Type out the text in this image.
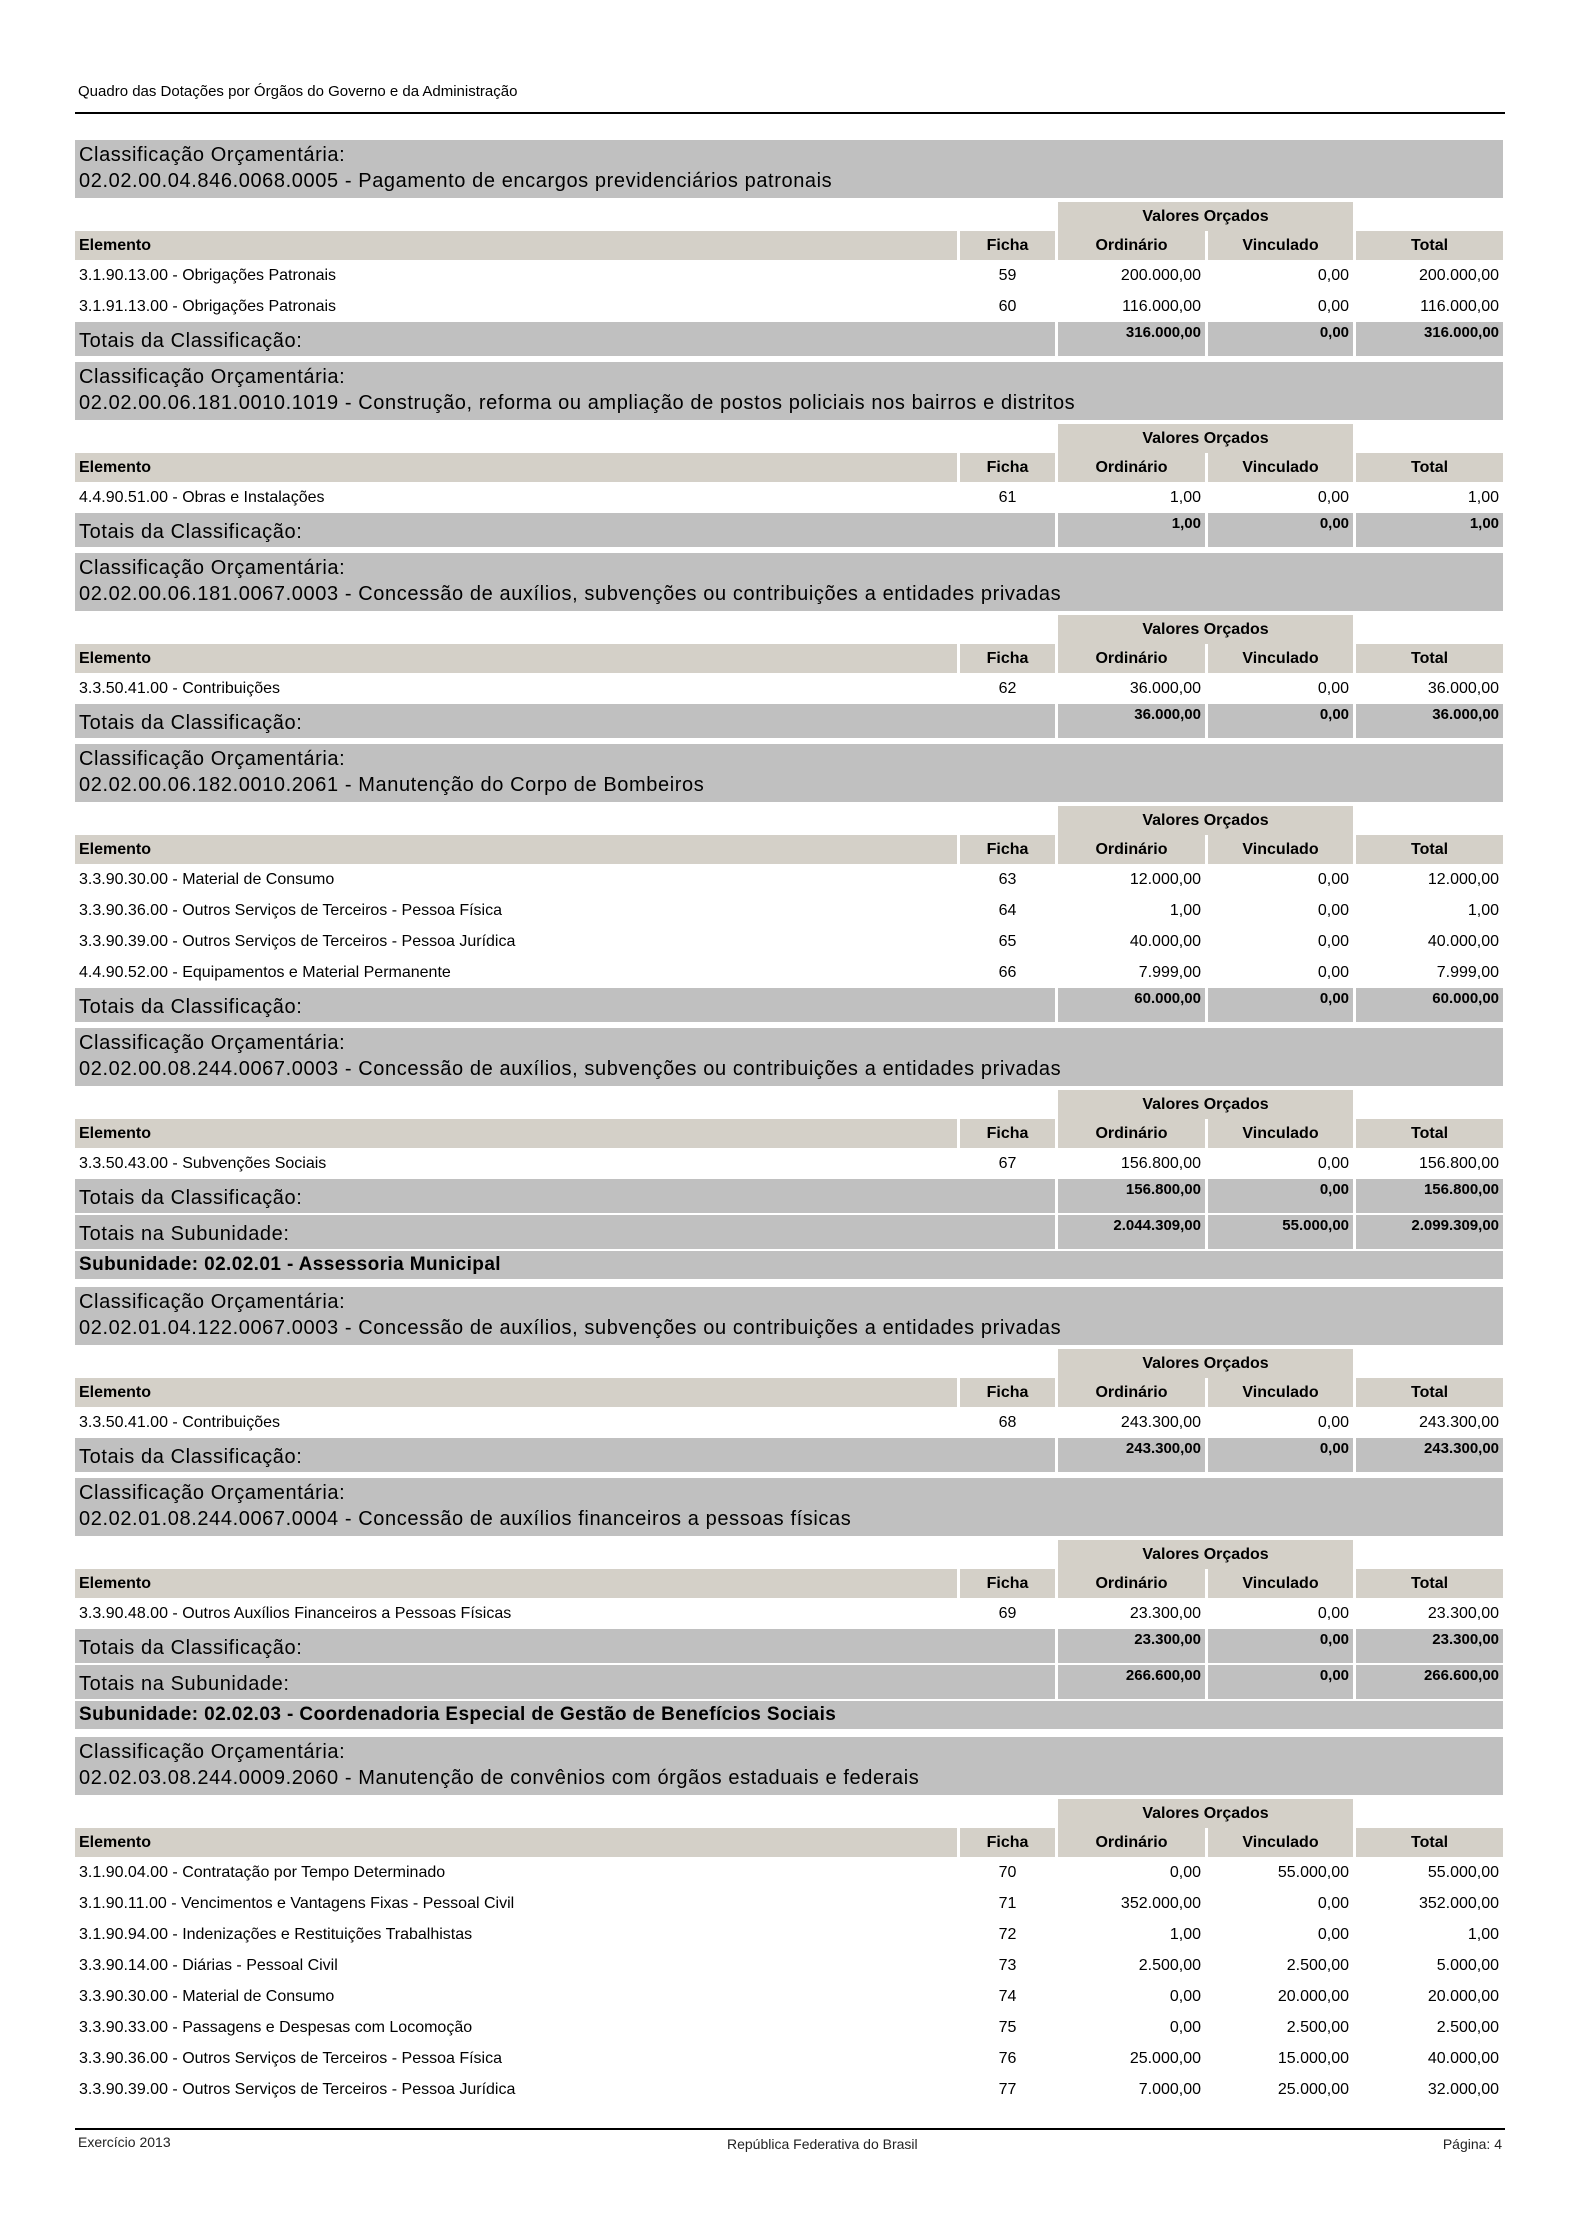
Quadro das Dotações por Órgãos do Governo e da Administração
Classificação Orçamentária:
02.02.00.04.846.0068.0005 - Pagamento de encargos previdenciários patronais
		Valores Orçados		
Elemento	Ficha	Ordinário	Vinculado	Total
3.1.90.13.00 - Obrigações Patronais	59	200.000,00	0,00	200.000,00
3.1.91.13.00 - Obrigações Patronais	60	116.000,00	0,00	116.000,00
Totais da Classificação:		316.000,00	0,00	316.000,00
Classificação Orçamentária:
02.02.00.06.181.0010.1019 - Construção, reforma ou ampliação de postos policiais nos bairros e distritos
		Valores Orçados		
Elemento	Ficha	Ordinário	Vinculado	Total
4.4.90.51.00 - Obras e Instalações	61	1,00	0,00	1,00
Totais da Classificação:		1,00	0,00	1,00
Classificação Orçamentária:
02.02.00.06.181.0067.0003 - Concessão de auxílios, subvenções ou contribuições a entidades privadas
		Valores Orçados		
Elemento	Ficha	Ordinário	Vinculado	Total
3.3.50.41.00 - Contribuições	62	36.000,00	0,00	36.000,00
Totais da Classificação:		36.000,00	0,00	36.000,00
Classificação Orçamentária:
02.02.00.06.182.0010.2061 - Manutenção do Corpo de Bombeiros
		Valores Orçados		
Elemento	Ficha	Ordinário	Vinculado	Total
3.3.90.30.00 - Material de Consumo	63	12.000,00	0,00	12.000,00
3.3.90.36.00 - Outros Serviços de Terceiros - Pessoa Física	64	1,00	0,00	1,00
3.3.90.39.00 - Outros Serviços de Terceiros - Pessoa Jurídica	65	40.000,00	0,00	40.000,00
4.4.90.52.00 - Equipamentos e Material Permanente	66	7.999,00	0,00	7.999,00
Totais da Classificação:		60.000,00	0,00	60.000,00
Classificação Orçamentária:
02.02.00.08.244.0067.0003 - Concessão de auxílios, subvenções ou contribuições a entidades privadas
		Valores Orçados		
Elemento	Ficha	Ordinário	Vinculado	Total
3.3.50.43.00 - Subvenções Sociais	67	156.800,00	0,00	156.800,00
Totais da Classificação:		156.800,00	0,00	156.800,00
Totais na Subunidade:		2.044.309,00	55.000,00	2.099.309,00
Subunidade: 02.02.01 - Assessoria Municipal
Classificação Orçamentária:
02.02.01.04.122.0067.0003 - Concessão de auxílios, subvenções ou contribuições a entidades privadas
		Valores Orçados		
Elemento	Ficha	Ordinário	Vinculado	Total
3.3.50.41.00 - Contribuições	68	243.300,00	0,00	243.300,00
Totais da Classificação:		243.300,00	0,00	243.300,00
Classificação Orçamentária:
02.02.01.08.244.0067.0004 - Concessão de auxílios financeiros a pessoas físicas
		Valores Orçados		
Elemento	Ficha	Ordinário	Vinculado	Total
3.3.90.48.00 - Outros Auxílios Financeiros a Pessoas Físicas	69	23.300,00	0,00	23.300,00
Totais da Classificação:		23.300,00	0,00	23.300,00
Totais na Subunidade:		266.600,00	0,00	266.600,00
Subunidade: 02.02.03 - Coordenadoria Especial de Gestão de Benefícios Sociais
Classificação Orçamentária:
02.02.03.08.244.0009.2060 - Manutenção de convênios com órgãos estaduais e federais
		Valores Orçados		
Elemento	Ficha	Ordinário	Vinculado	Total
3.1.90.04.00 - Contratação por Tempo Determinado	70	0,00	55.000,00	55.000,00
3.1.90.11.00 - Vencimentos e Vantagens Fixas - Pessoal Civil	71	352.000,00	0,00	352.000,00
3.1.90.94.00 - Indenizações e Restituições Trabalhistas	72	1,00	0,00	1,00
3.3.90.14.00 - Diárias - Pessoal Civil	73	2.500,00	2.500,00	5.000,00
3.3.90.30.00 - Material de Consumo	74	0,00	20.000,00	20.000,00
3.3.90.33.00 - Passagens e Despesas com Locomoção	75	0,00	2.500,00	2.500,00
3.3.90.36.00 - Outros Serviços de Terceiros - Pessoa Física	76	25.000,00	15.000,00	40.000,00
3.3.90.39.00 - Outros Serviços de Terceiros - Pessoa Jurídica	77	7.000,00	25.000,00	32.000,00
Exercício 2013	República Federativa do Brasil	Página: 4
